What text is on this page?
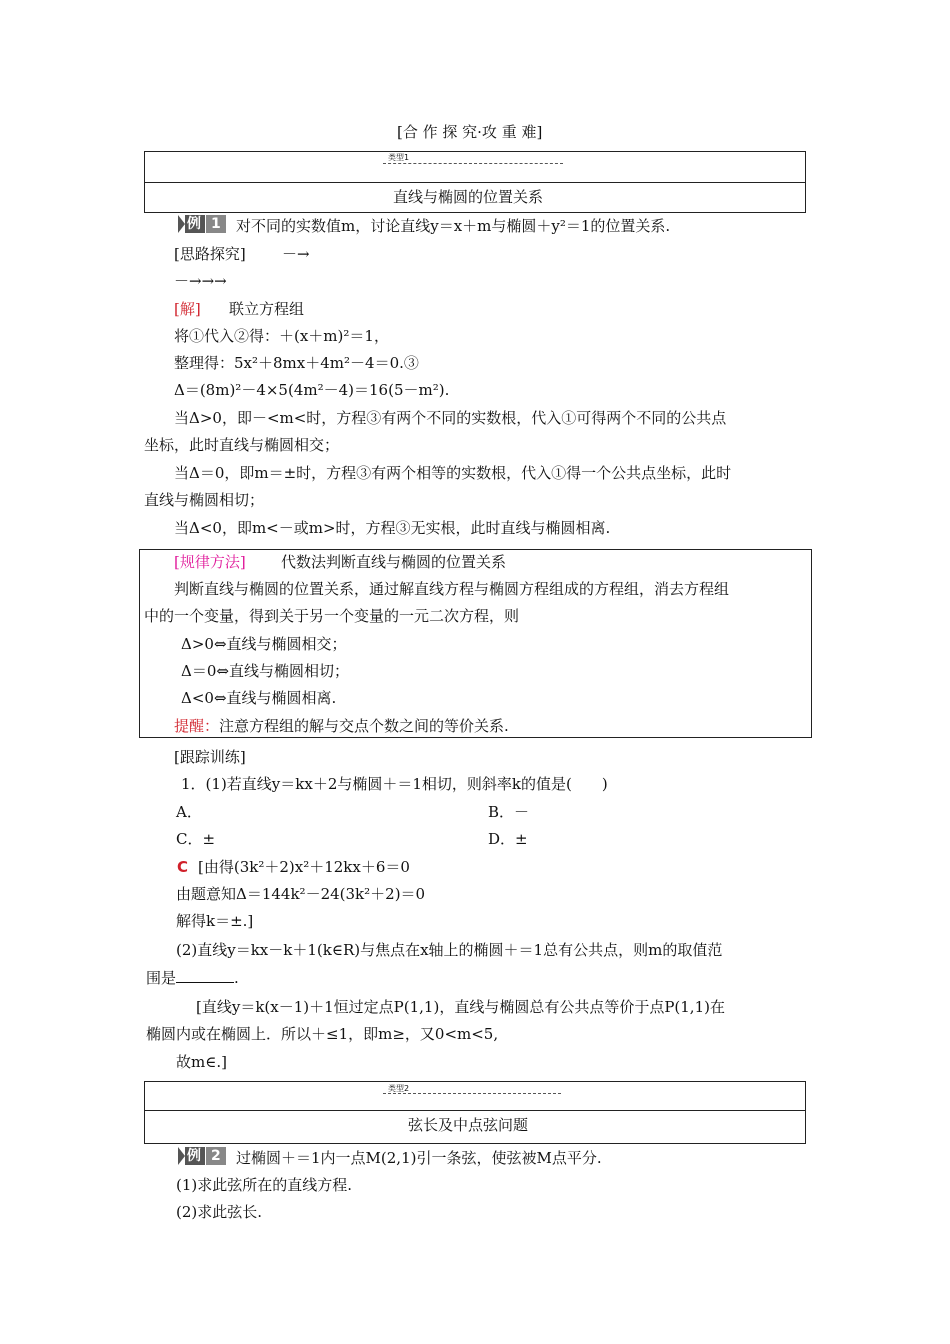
[合 作 探 究·攻 重 难]
类型1
直线与椭圆的位置关系
例 1	对不同的实数值m，讨论直线y＝x＋m与椭圆＋y²＝1的位置关系.
[思路探究] －→
－→→→
[解] 联立方程组
将①代入②得：＋(x＋m)²＝1，
整理得：5x²＋8mx＋4m²－4＝0.③
Δ＝(8m)²－4×5(4m²－4)＝16(5－m²).
当Δ>0，即－<m<时，方程③有两个不同的实数根，代入①可得两个不同的公共点
坐标，此时直线与椭圆相交；
当Δ＝0，即m＝±时，方程③有两个相等的实数根，代入①得一个公共点坐标，此时
直线与椭圆相切；
当Δ<0，即m<－或m>时，方程③无实根，此时直线与椭圆相离.
[规律方法] 代数法判断直线与椭圆的位置关系
判断直线与椭圆的位置关系，通过解直线方程与椭圆方程组成的方程组，消去方程组
中的一个变量，得到关于另一个变量的一元二次方程，则
Δ>0⇔直线与椭圆相交；
Δ＝0⇔直线与椭圆相切；
Δ<0⇔直线与椭圆相离.
提醒：注意方程组的解与交点个数之间的等价关系.
[跟踪训练]
1．(1)若直线y＝kx＋2与椭圆＋＝1相切，则斜率k的值是(　　)
A．	B．－
C．±	D．±
C [由得(3k²＋2)x²＋12kx＋6＝0
由题意知Δ＝144k²－24(3k²＋2)＝0
解得k＝±.]
(2)直线y＝kx－k＋1(k∈R)与焦点在x轴上的椭圆＋＝1总有公共点，则m的取值范
围是	.
[直线y＝k(x－1)＋1恒过定点P(1,1)，直线与椭圆总有公共点等价于点P(1,1)在
椭圆内或在椭圆上．所以＋≤1，即m≥，又0<m<5,
故m∈.]
类型2
弦长及中点弦问题
例 2	过椭圆＋＝1内一点M(2,1)引一条弦，使弦被M点平分.
(1)求此弦所在的直线方程.
(2)求此弦长.
